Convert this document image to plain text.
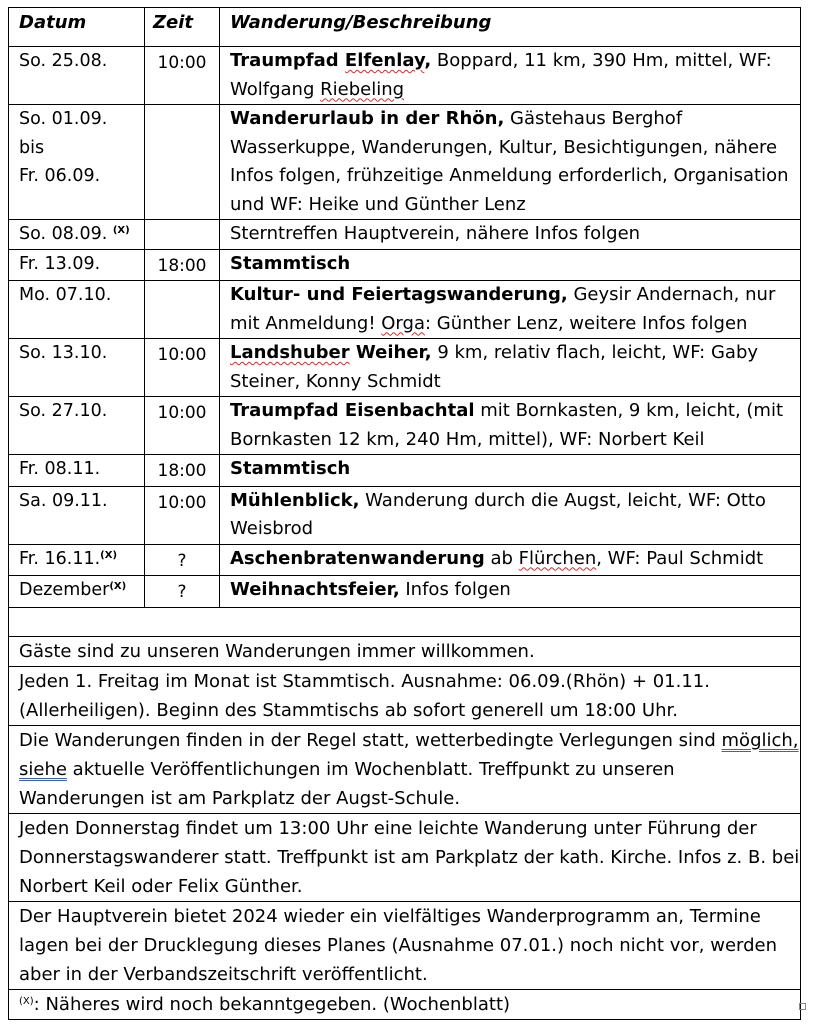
Datum	Zeit	Wanderung/Beschreibung
So. 25.08.	10:00	Traumpfad Elfenlay, Boppard, 11 km, 390 Hm, mittel, WF: Wolfgang Riebeling

So. 01.09.
bis
Fr. 06.09.		Wanderurlaub in der Rhön, Gästehaus Berghof Wasserkuppe, Wanderungen, Kultur, Besichtigungen, nähere Infos folgen, frühzeitige Anmeldung erforderlich, Organisation und WF: Heike und Günther Lenz
So. 08.09. $^{(X)}$		Sterntreffen Hauptverein, nähere Infos folgen
Fr. 13.09.	18:00	Stammtisch
Mo. 07.10.		Kultur- und Feiertagswanderung, Geysir Andernach, nur mit Anmeldung! Orga: Günther Lenz, weitere Infos folgen
So. 13.10.	10:00	Landshuber Weiher, 9 km, relativ flach, leicht, WF: Gaby Steiner, Konny Schmidt
So. 27.10.	10:00	Traumpfad Eisenbachtal mit Bornkasten, 9 km, leicht, (mit Bornkasten 12 km, 240 Hm, mittel), WF: Norbert Keil
Fr. 08.11.	18:00	Stammtisch
Sa. 09.11.	10:00	Mühlenblick, Wanderung durch die Augst, leicht, WF: Otto Weisbrod
Fr. 16.11.$^{(X)}$	?	Aschenbratenwanderung ab Flürchen, WF: Paul Schmidt
Dezember$^{(X)}$	?	Weihnachtsfeier, Infos folgen

Gäste sind zu unseren Wanderungen immer willkommen.		
Jeden 1. Freitag im Monat ist Stammtisch. Ausnahme: 06.09.(Rhön) + 01.11. (Allerheiligen). Beginn des Stammtischs ab sofort generell um 18:00 Uhr.		
Die Wanderungen finden in der Regel statt, wetterbedingte Verlegungen sind möglich, siehe aktuelle Veröffentlichungen im Wochenblatt. Treffpunkt zu unseren Wanderungen ist am Parkplatz der Augst-Schule.		
Jeden Donnerstag findet um 13:00 Uhr eine leichte Wanderung unter Führung der Donnerstagswanderer statt. Treffpunkt ist am Parkplatz der kath. Kirche. Infos z. B. bei Norbert Keil oder Felix Günther.		
Der Hauptverein bietet 2024 wieder ein vielfältiges Wanderprogramm an, Termine lagen bei der Drucklegung dieses Planes (Ausnahme 07.01.) noch nicht vor, werden aber in der Verbandszeitschrift veröffentlicht.		
$^{(X)}$: Näheres wird noch bekanntgegeben. (Wochenblatt)		
